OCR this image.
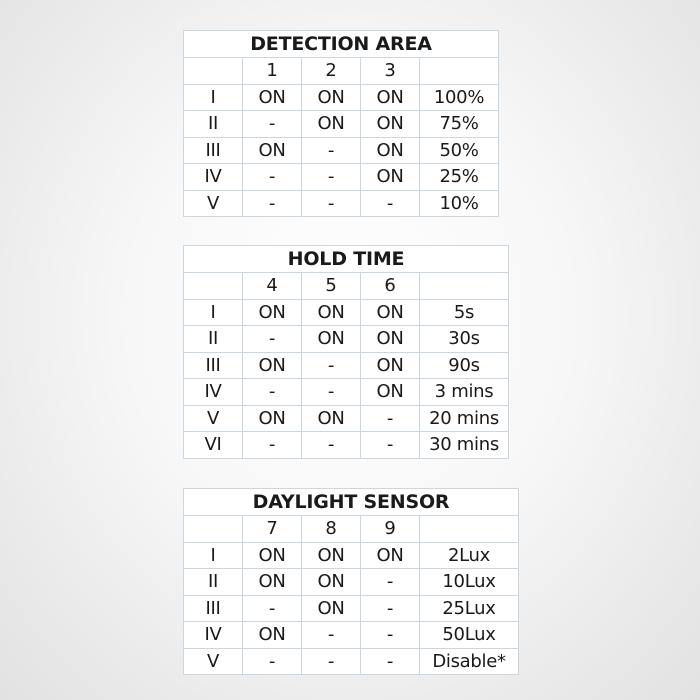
DETECTION AREA				
	1	2	3	
I	ON	ON	ON	100%
II	-	ON	ON	75%
III	ON	-	ON	50%
IV	-	-	ON	25%
V	-	-	-	10%
HOLD TIME				
	4	5	6	
I	ON	ON	ON	5s
II	-	ON	ON	30s
III	ON	-	ON	90s
IV	-	-	ON	3 mins
V	ON	ON	-	20 mins
VI	-	-	-	30 mins
DAYLIGHT SENSOR				
	7	8	9	
I	ON	ON	ON	2Lux
II	ON	ON	-	10Lux
III	-	ON	-	25Lux
IV	ON	-	-	50Lux
V	-	-	-	Disable*
